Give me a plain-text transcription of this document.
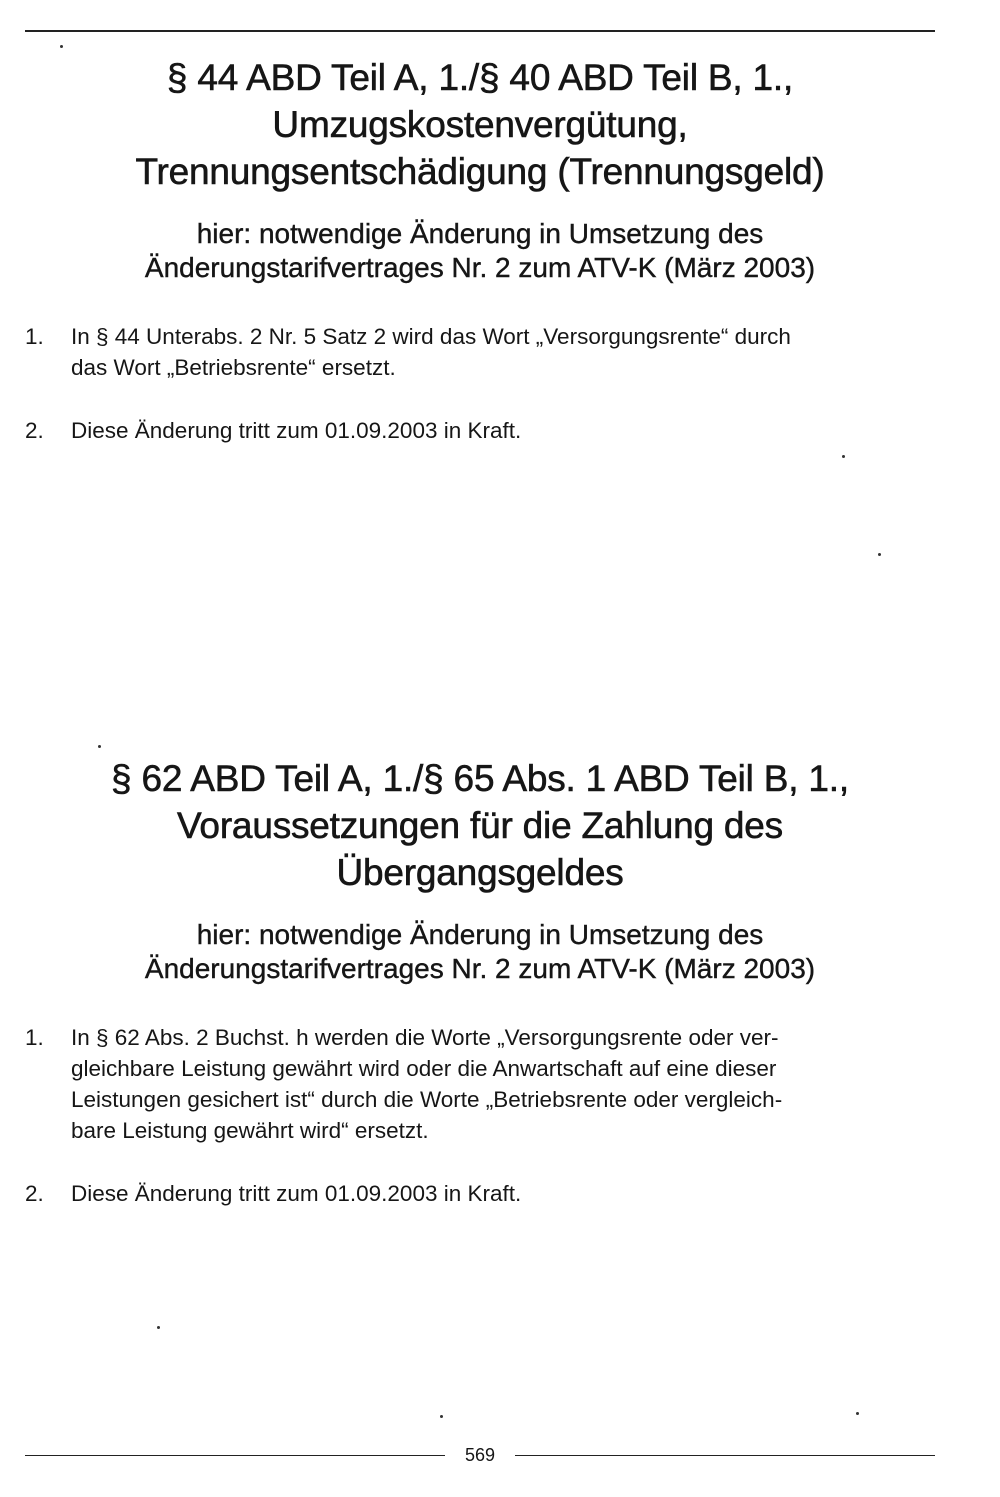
§ 44 ABD Teil A, 1./§ 40 ABD Teil B, 1.,
Umzugskostenvergütung,
Trennungsentschädigung (Trennungsgeld)
hier: notwendige Änderung in Umsetzung des
Änderungstarifvertrages Nr. 2 zum ATV-K (März 2003)
1. In § 44 Unterabs. 2 Nr. 5 Satz 2 wird das Wort „Versorgungsrente“ durch
das Wort „Betriebsrente“ ersetzt.
2. Diese Änderung tritt zum 01.09.2003 in Kraft.
§ 62 ABD Teil A, 1./§ 65 Abs. 1 ABD Teil B, 1.,
Voraussetzungen für die Zahlung des
Übergangsgeldes
hier: notwendige Änderung in Umsetzung des
Änderungstarifvertrages Nr. 2 zum ATV-K (März 2003)
1. In § 62 Abs. 2 Buchst. h werden die Worte „Versorgungsrente oder ver-
gleichbare Leistung gewährt wird oder die Anwartschaft auf eine dieser
Leistungen gesichert ist“ durch die Worte „Betriebsrente oder vergleich-
bare Leistung gewährt wird“ ersetzt.
2. Diese Änderung tritt zum 01.09.2003 in Kraft.
569
